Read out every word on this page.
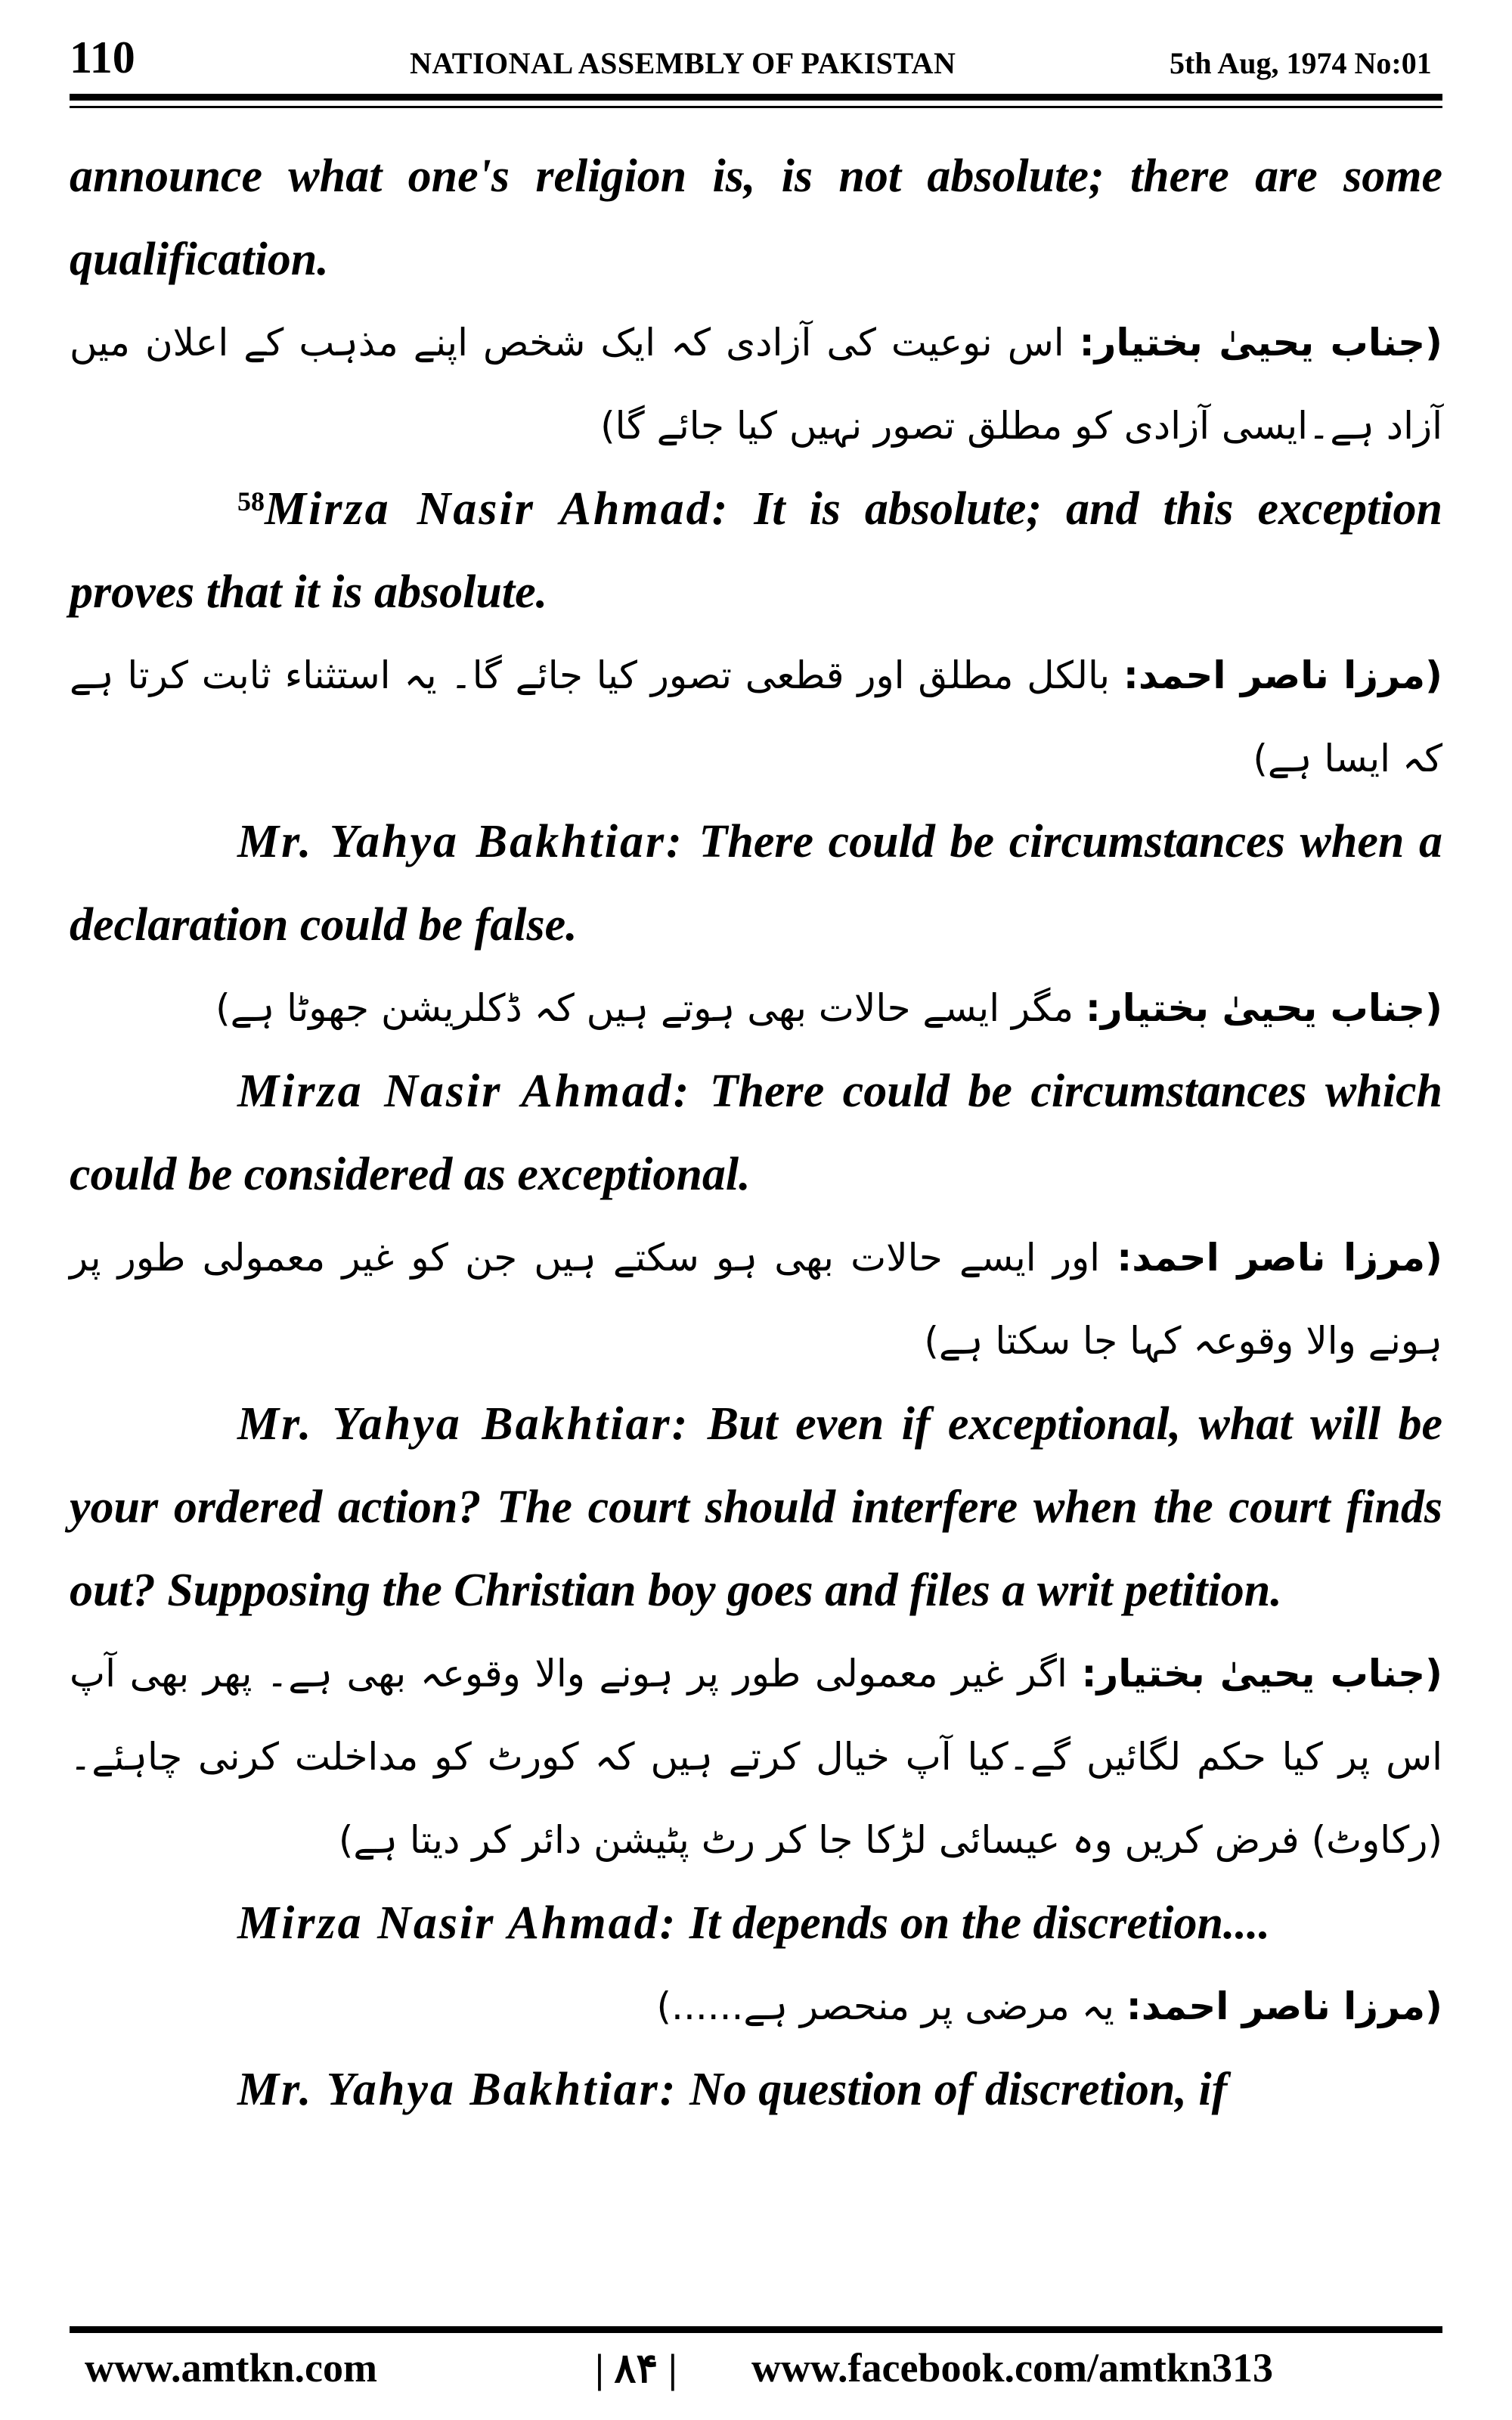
110	NATIONAL ASSEMBLY OF PAKISTAN	5th Aug, 1974 No:01

announce what one's religion is, is not absolute; there are some qualification.

(جناب یحییٰ بختیار: اس نوعیت کی آزادی کہ ایک شخص اپنے مذہب کے اعلان میں آزاد ہے۔ایسی آزادی کو مطلق تصور نہیں کیا جائے گا)

$^{58}$Mirza Nasir Ahmad: It is absolute; and this exception proves that it is absolute.

(مرزا ناصر احمد: بالکل مطلق اور قطعی تصور کیا جائے گا۔ یہ استثناء ثابت کرتا ہے کہ ایسا ہے)

Mr. Yahya Bakhtiar: There could be circumstances when a declaration could be false.

(جناب یحییٰ بختیار: مگر ایسے حالات بھی ہوتے ہیں کہ ڈکلریشن جھوٹا ہے)

Mirza Nasir Ahmad: There could be circumstances which could be considered as exceptional.

(مرزا ناصر احمد: اور ایسے حالات بھی ہو سکتے ہیں جن کو غیر معمولی طور پر ہونے والا وقوعہ کہا جا سکتا ہے)

Mr. Yahya Bakhtiar: But even if exceptional, what will be your ordered action? The court should interfere when the court finds out? Supposing the Christian boy goes and files a writ petition.

(جناب یحییٰ بختیار: اگر غیر معمولی طور پر ہونے والا وقوعہ بھی ہے۔ پھر بھی آپ اس پر کیا حکم لگائیں گے۔کیا آپ خیال کرتے ہیں کہ کورٹ کو مداخلت کرنی چاہئے۔(رکاوٹ) فرض کریں وہ عیسائی لڑکا جا کر رٹ پٹیشن دائر کر دیتا ہے)

Mirza Nasir Ahmad: It depends on the discretion....

(مرزا ناصر احمد: یہ مرضی پر منحصر ہے......)

Mr. Yahya Bakhtiar: No question of discretion, if

www.amtkn.com	| ۸۴ | www.facebook.com/amtkn313
